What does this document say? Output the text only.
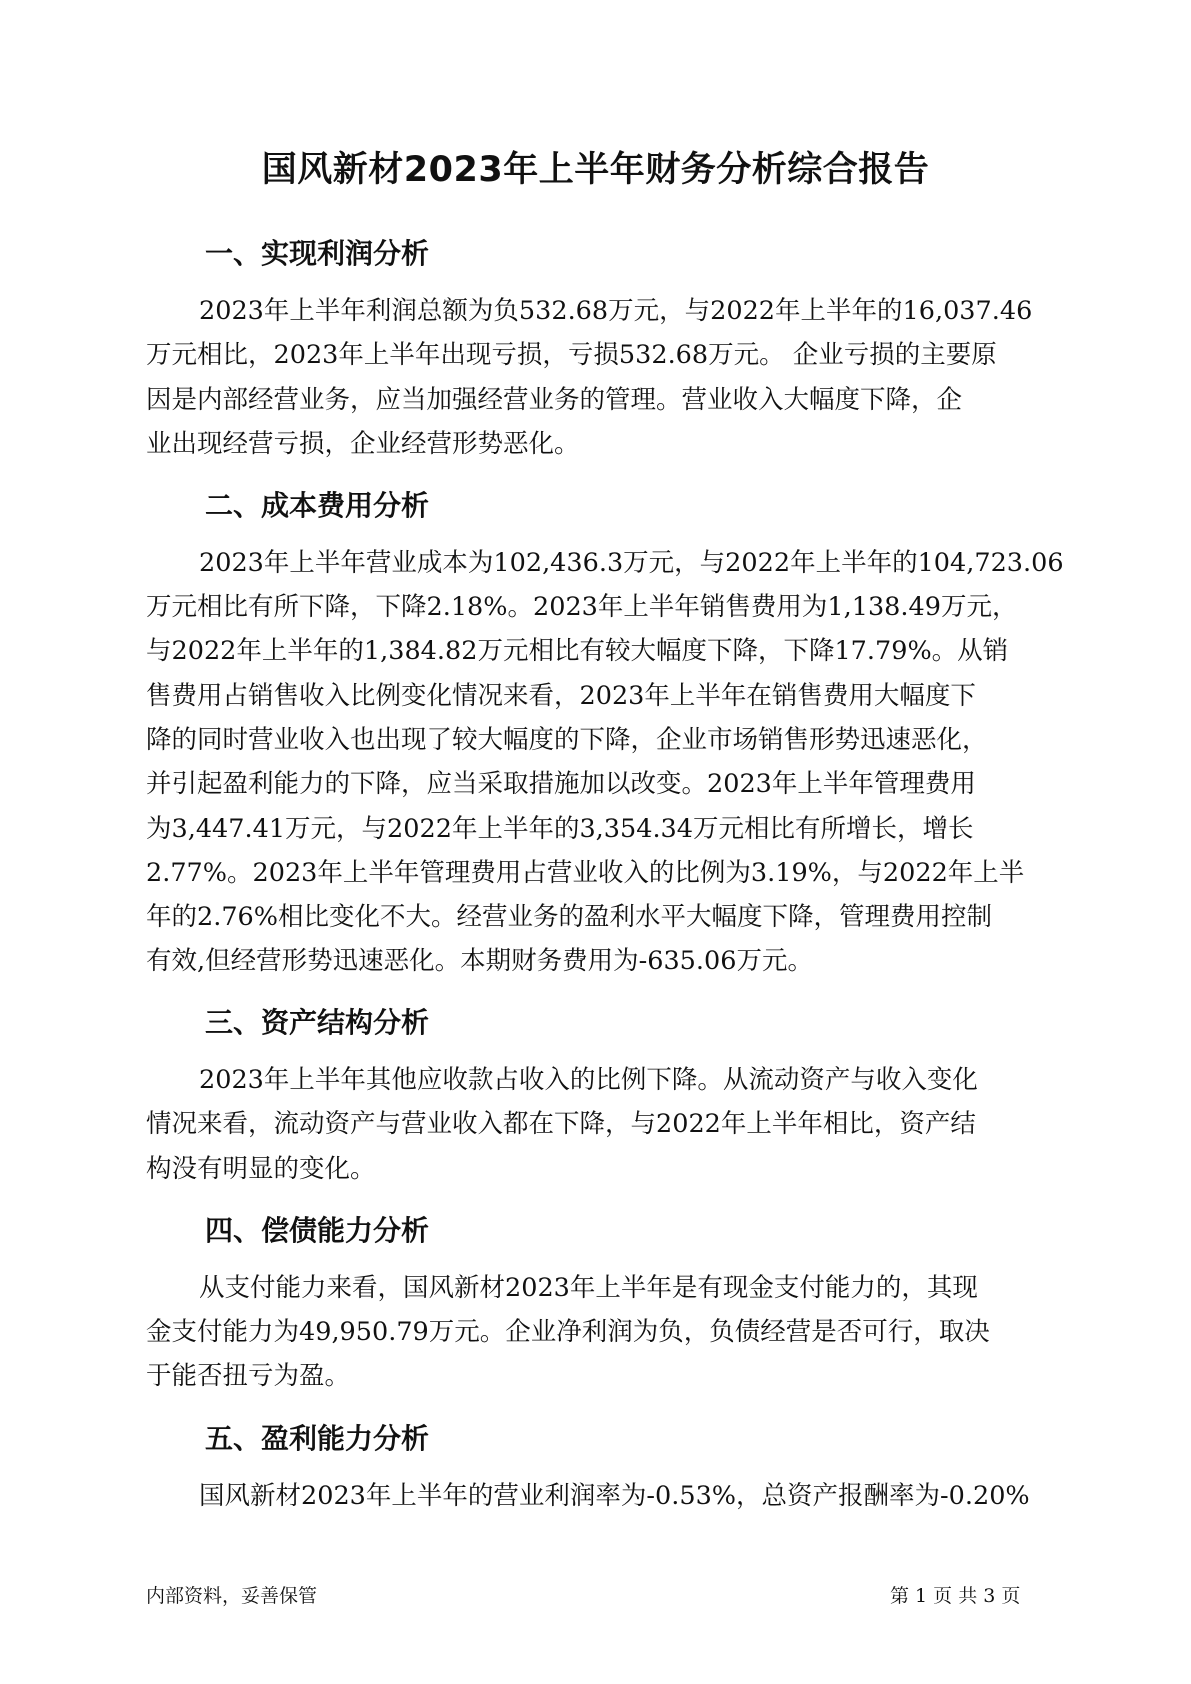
国风新材2023年上半年财务分析综合报告
一、实现利润分析

2023年上半年利润总额为负532.68万元，与2022年上半年的16,037.46

万元相比，2023年上半年出现亏损，亏损532.68万元。 企业亏损的主要原

因是内部经营业务，应当加强经营业务的管理。营业收入大幅度下降，企

业出现经营亏损，企业经营形势恶化。

二、成本费用分析

2023年上半年营业成本为102,436.3万元，与2022年上半年的104,723.06

万元相比有所下降，下降2.18%。2023年上半年销售费用为1,138.49万元，

与2022年上半年的1,384.82万元相比有较大幅度下降，下降17.79%。从销

售费用占销售收入比例变化情况来看，2023年上半年在销售费用大幅度下

降的同时营业收入也出现了较大幅度的下降，企业市场销售形势迅速恶化，

并引起盈利能力的下降，应当采取措施加以改变。2023年上半年管理费用

为3,447.41万元，与2022年上半年的3,354.34万元相比有所增长，增长

2.77%。2023年上半年管理费用占营业收入的比例为3.19%，与2022年上半

年的2.76%相比变化不大。经营业务的盈利水平大幅度下降，管理费用控制

有效,但经营形势迅速恶化。本期财务费用为-635.06万元。

三、资产结构分析

2023年上半年其他应收款占收入的比例下降。从流动资产与收入变化

情况来看，流动资产与营业收入都在下降，与2022年上半年相比，资产结

构没有明显的变化。

四、偿债能力分析

从支付能力来看，国风新材2023年上半年是有现金支付能力的，其现

金支付能力为49,950.79万元。企业净利润为负，负债经营是否可行，取决

于能否扭亏为盈。

五、盈利能力分析

国风新材2023年上半年的营业利润率为-0.53%，总资产报酬率为-0.20%

内部资料，妥善保管	第 1 页 共 3 页
